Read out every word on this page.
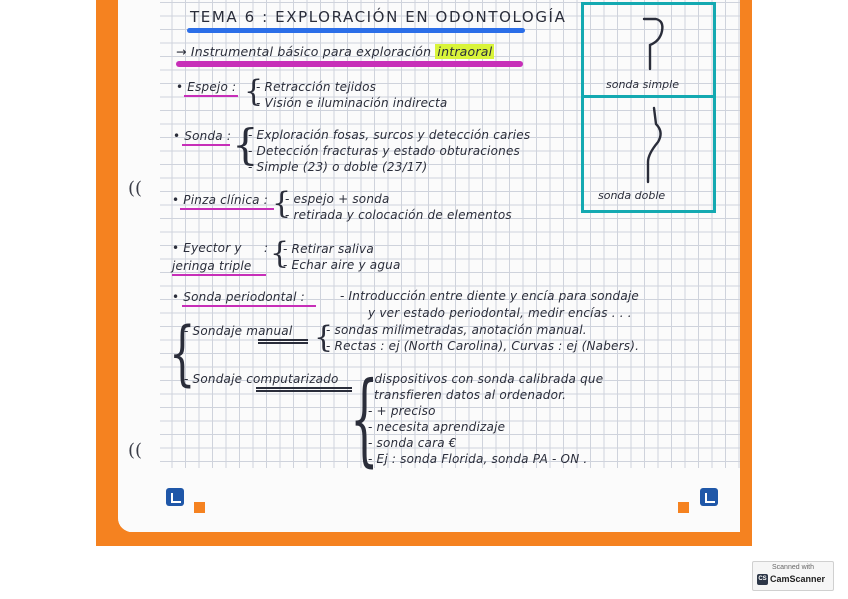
TEMA 6 : EXPLORACIÓN EN ODONTOLOGÍA
→ Instrumental básico para exploración intraoral
sonda simple
sonda doble
• Espejo : {
- Retracción tejidos
- Visión e iluminación indirecta
• Sonda : {
- Exploración fosas, surcos y detección caries
- Detección fracturas y estado obturaciones
- Simple (23) o doble (23/17)
((
((
• Pinza clínica : {
- espejo + sonda
- retirada y colocación de elementos
• Eyector y
jeringa triple
: {
- Retirar saliva
- Echar aire y agua
• Sonda periodontal :	- Introducción entre diente y encía para sondaje
y ver estado periodontal, medir encías . . .
{
- Sondaje manual {
- sondas milimetradas, anotación manual.
- Rectas : ej (North Carolina), Curvas : ej (Nabers).
- Sondaje computarizado {
- dispositivos con sonda calibrada que
transfieren datos al ordenador.
- + preciso
- necesita aprendizaje
- sonda cara €
- Ej : sonda Florida, sonda PA - ON .
Scanned with
CS CamScanner
